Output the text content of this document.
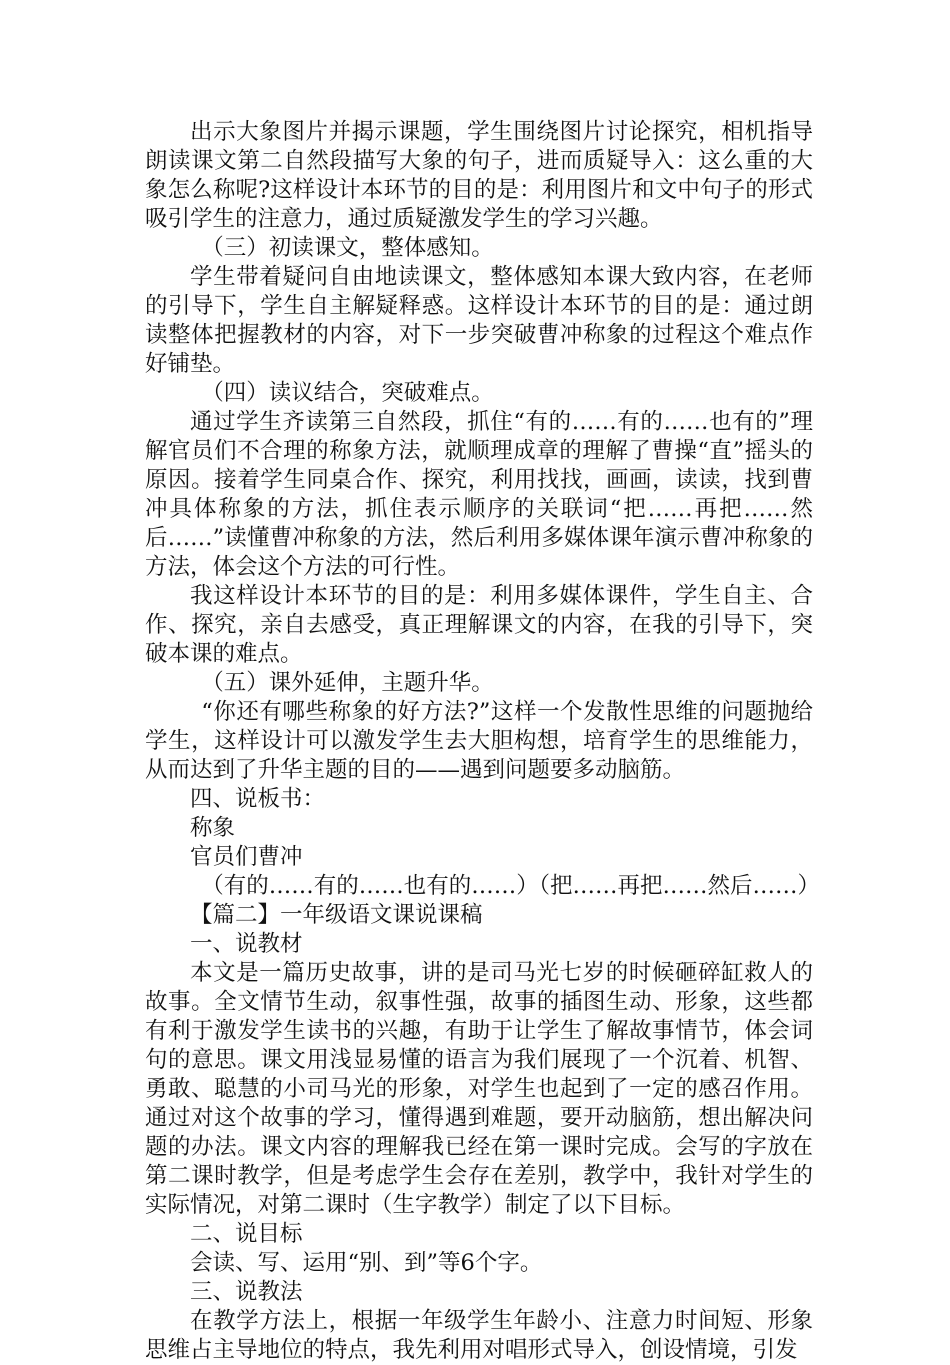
出示大象图片并揭示课题，学生围绕图片讨论探究，相机指导朗读课文第二自然段描写大象的句子，进而质疑导入：这么重的大象怎么称呢?这样设计本环节的目的是：利用图片和文中句子的形式吸引学生的注意力，通过质疑激发学生的学习兴趣。

（三）初读课文，整体感知。

学生带着疑问自由地读课文，整体感知本课大致内容，在老师的引导下，学生自主解疑释惑。这样设计本环节的目的是：通过朗读整体把握教材的内容，对下一步突破曹冲称象的过程这个难点作好铺垫。

（四）读议结合，突破难点。

通过学生齐读第三自然段，抓住“有的……有的……也有的”理解官员们不合理的称象方法，就顺理成章的理解了曹操“直”摇头的原因。接着学生同桌合作、探究，利用找找，画画，读读，找到曹冲具体称象的方法，抓住表示顺序的关联词“把……再把……然后……”读懂曹冲称象的方法，然后利用多媒体课年演示曹冲称象的方法，体会这个方法的可行性。

我这样设计本环节的目的是：利用多媒体课件，学生自主、合作、探究，亲自去感受，真正理解课文的内容，在我的引导下，突破本课的难点。

（五）课外延伸，主题升华。

“你还有哪些称象的好方法?”这样一个发散性思维的问题抛给学生，这样设计可以激发学生去大胆构想，培育学生的思维能力，从而达到了升华主题的目的——遇到问题要多动脑筋。

四、说板书：

称象

官员们曹冲

（有的……有的……也有的……）（把……再把……然后……）

【篇二】一年级语文课说课稿

一、说教材

本文是一篇历史故事，讲的是司马光七岁的时候砸碎缸救人的故事。全文情节生动，叙事性强，故事的插图生动、形象，这些都有利于激发学生读书的兴趣，有助于让学生了解故事情节，体会词句的意思。课文用浅显易懂的语言为我们展现了一个沉着、机智、勇敢、聪慧的小司马光的形象，对学生也起到了一定的感召作用。通过对这个故事的学习，懂得遇到难题，要开动脑筋，想出解决问题的办法。课文内容的理解我已经在第一课时完成。会写的字放在第二课时教学，但是考虑学生会存在差别，教学中，我针对学生的实际情况，对第二课时（生字教学）制定了以下目标。

二、说目标

会读、写、运用“别、到”等6个字。

三、说教法

在教学方法上，根据一年级学生年龄小、注意力时间短、形象思维占主导地位的特点，我先利用对唱形式导入，创设情境，引发
